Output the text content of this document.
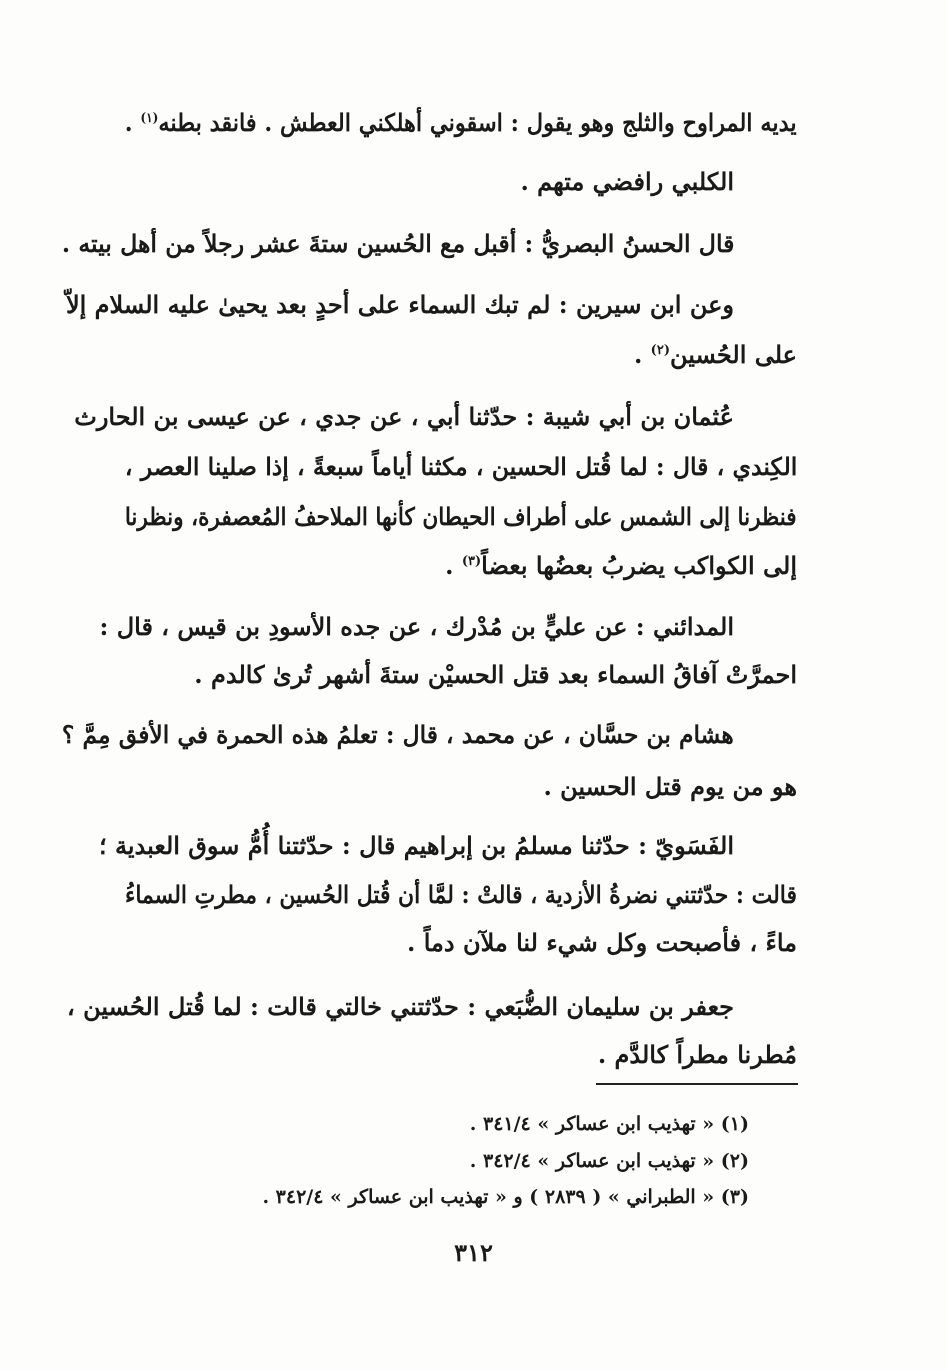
يديه المراوح والثلج وهو يقول : اسقوني أهلكني العطش . فانقد بطنه$^{(١)}$ .
الكلبي رافضي متهم .
قال الحسنُ البصريُّ : أقبل مع الحُسين ستةَ عشر رجلاً من أهل بيته .
وعن ابن سيرين : لم تبك السماء على أحدٍ بعد يحيىٰ عليه السلام إلاّ
على الحُسين$^{(٢)}$ .
عُثمان بن أبي شيبة : حدّثنا أبي ، عن جدي ، عن عيسى بن الحارث
الكِندي ، قال : لما قُتل الحسين ، مكثنا أياماً سبعةً ، إذا صلينا العصر ،
فنظرنا إلى الشمس على أطراف الحيطان كأنها الملاحفُ المُعصفرة، ونظرنا
إلى الكواكب يضربُ بعضُها بعضاً$^{(٣)}$ .
المدائني : عن عليٍّ بن مُدْرك ، عن جده الأسودِ بن قيس ، قال :
احمرَّتْ آفاقُ السماء بعد قتل الحسيْن ستةَ أشهر تُرىٰ كالدم .
هشام بن حسَّان ، عن محمد ، قال : تعلمُ هذه الحمرة في الأفق مِمَّ ؟
هو من يوم قتل الحسين .
الفَسَويّ : حدّثنا مسلمُ بن إبراهيم قال : حدّثتنا أُمُّ سوق العبدية ؛
قالت : حدّثتني نضرةُ الأزدية ، قالتْ : لمَّا أن قُتل الحُسين ، مطرتِ السماءُ
ماءً ، فأصبحت وكل شيء لنا ملآن دماً .
جعفر بن سليمان الضُّبَعي : حدّثتني خالتي قالت : لما قُتل الحُسين ،
مُطرنا مطراً كالدَّم .
(١) « تهذيب ابن عساكر » ٣٤١/٤ .
(٢) « تهذيب ابن عساكر » ٣٤٢/٤ .
(٣) « الطبراني » ( ٢٨٣٩ ) و « تهذيب ابن عساكر » ٣٤٢/٤ .
٣١٢
